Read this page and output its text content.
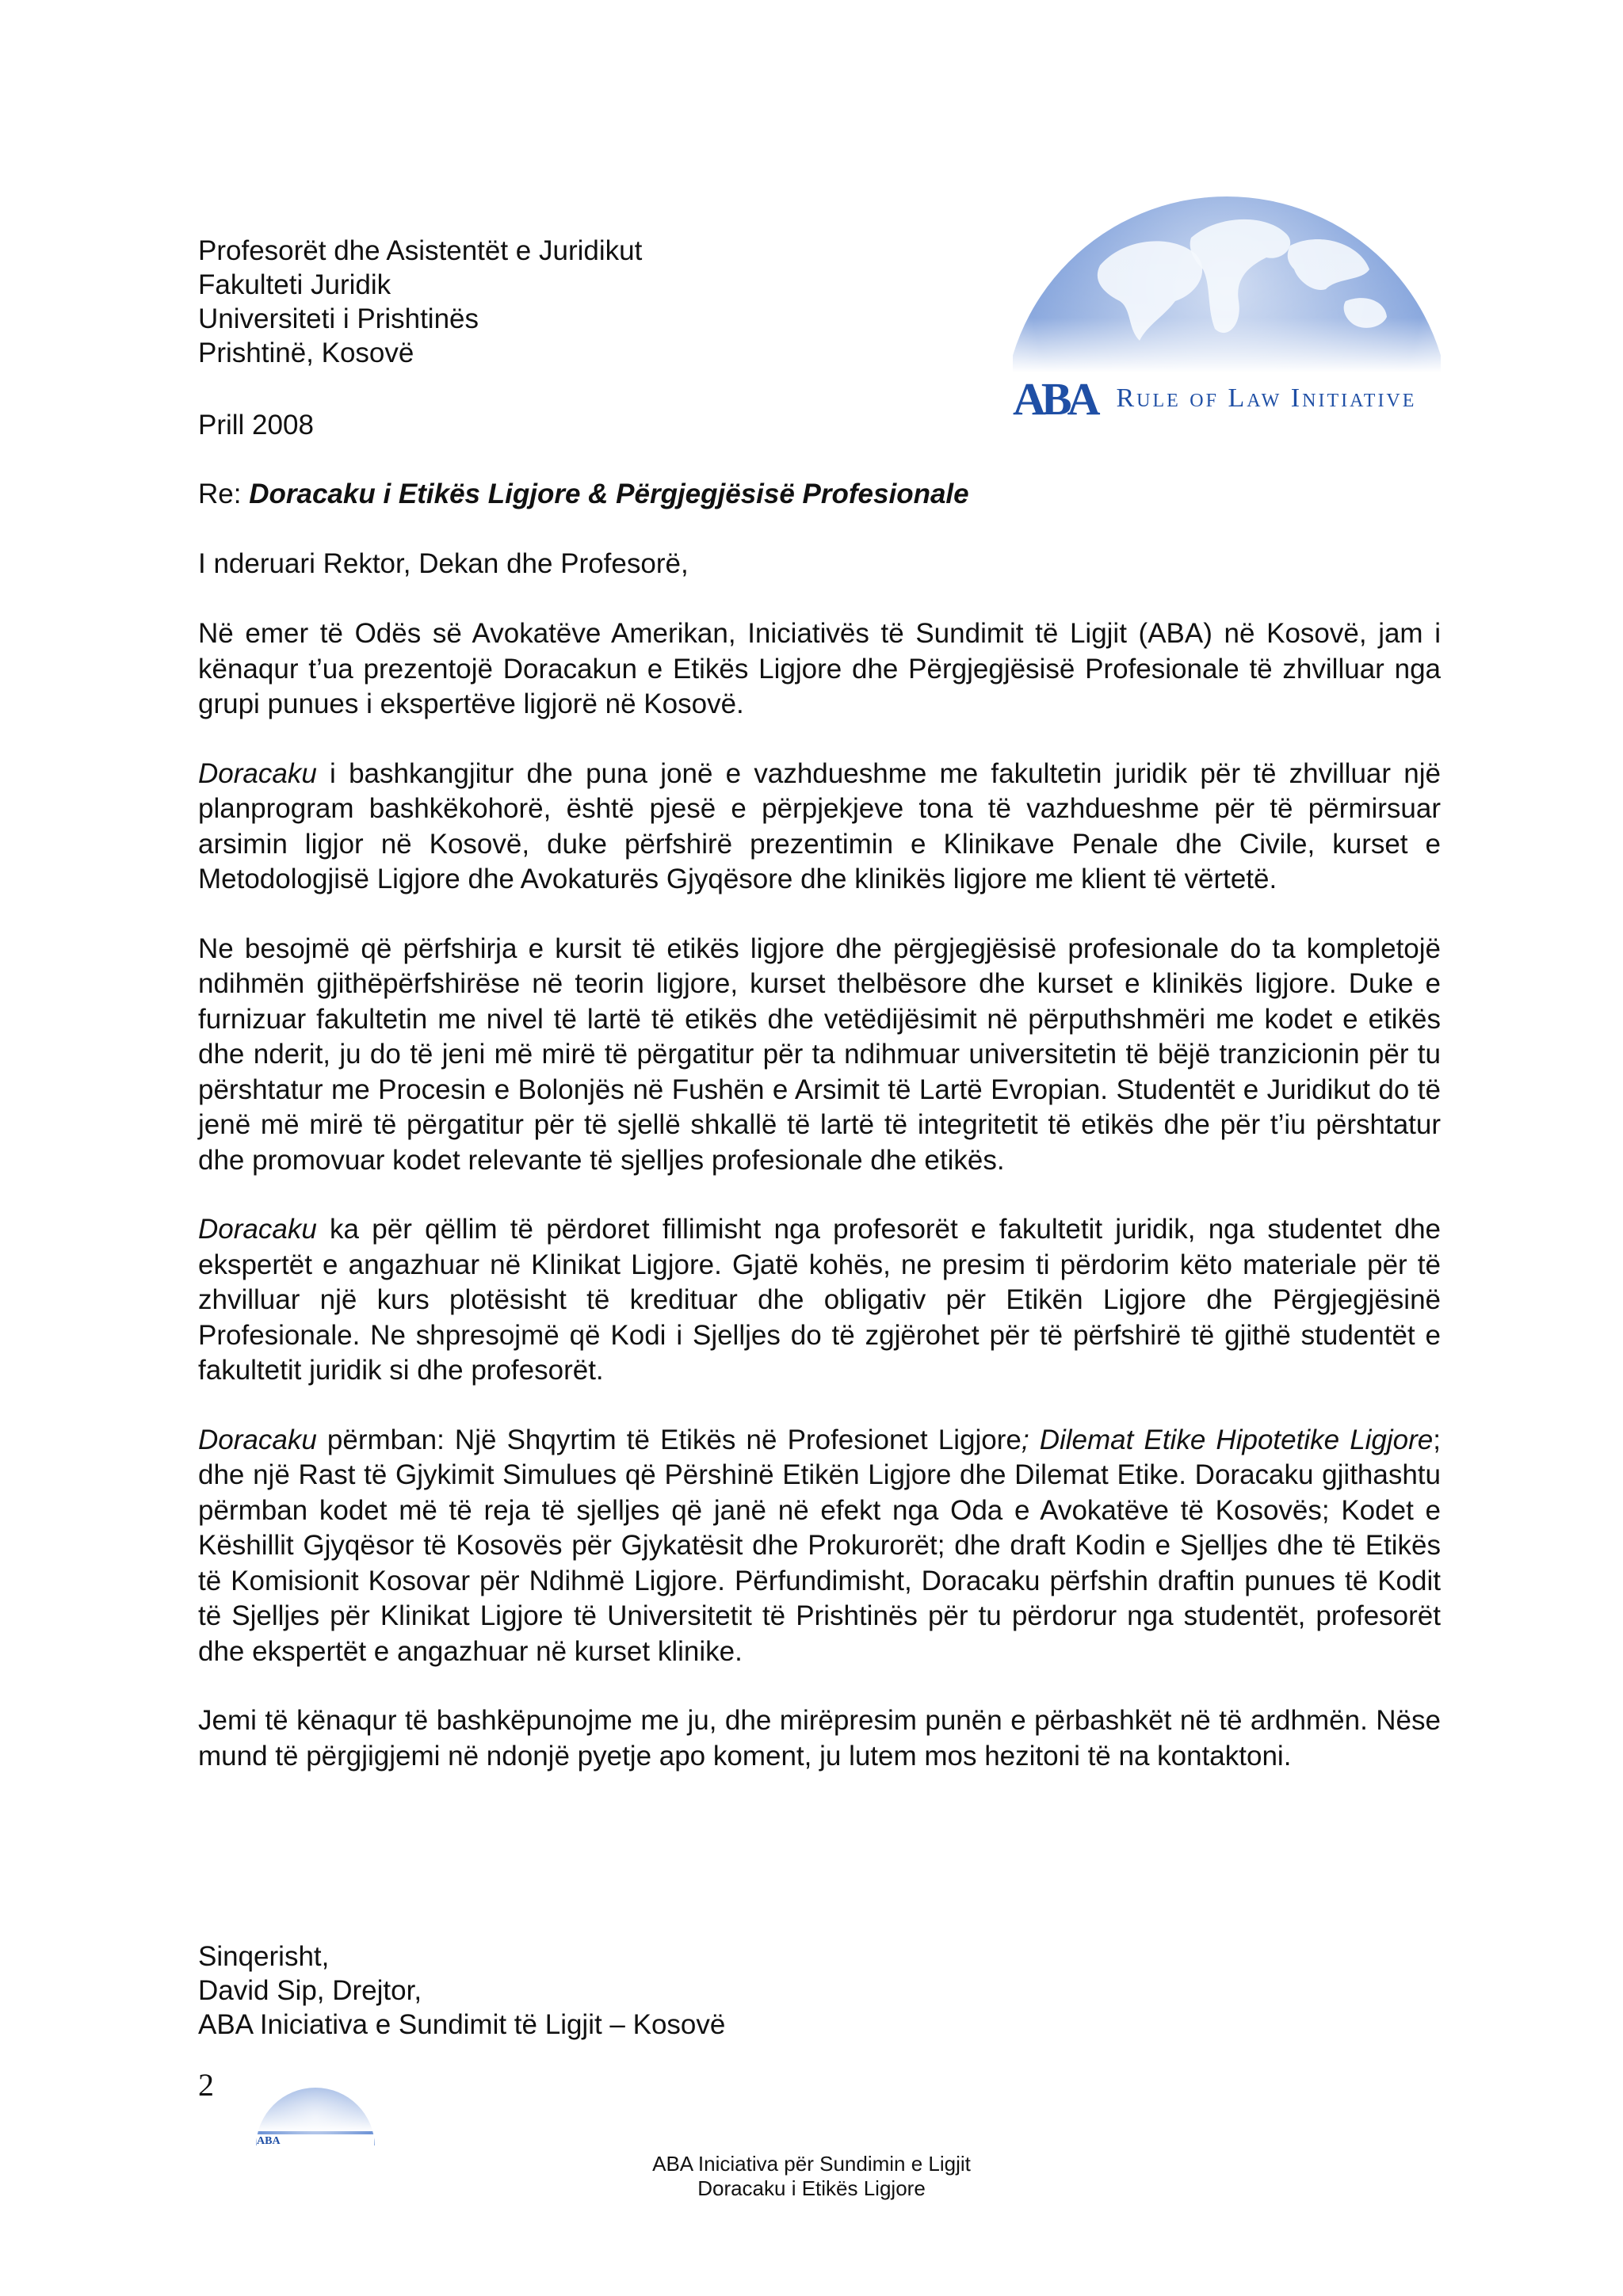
ABA Rule of Law Initiative
Profesorët dhe Asistentët e Juridikut
Fakulteti Juridik
Universiteti i Prishtinës
Prishtinë, Kosovë
Prill 2008
Re: Doracaku i Etikës Ligjore & Përgjegjësisë Profesionale
I nderuari Rektor, Dekan dhe Profesorë,

Në emer të Odës së Avokatëve Amerikan, Iniciativës të Sundimit të Ligjit (ABA) në Kosovë, jam i kënaqur t’ua prezentojë Doracakun e Etikës Ligjore dhe Përgjegjësisë Profesionale të zhvilluar nga grupi punues i ekspertëve ligjorë në Kosovë.

Doracaku i bashkangjitur dhe puna jonë e vazhdueshme me fakultetin juridik për të zhvilluar një planprogram bashkëkohorë, është pjesë e përpjekjeve tona të vazhdueshme për të përmirsuar arsimin ligjor në Kosovë, duke përfshirë prezentimin e Klinikave Penale dhe Civile, kurset e Metodologjisë Ligjore dhe Avokaturës Gjyqësore dhe klinikës ligjore me klient të vërtetë.

Ne besojmë që përfshirja e kursit të etikës ligjore dhe përgjegjësisë profesionale do ta kompletojë ndihmën gjithëpërfshirëse në teorin ligjore, kurset thelbësore dhe kurset e klinikës ligjore. Duke e furnizuar fakultetin me nivel të lartë të etikës dhe vetëdijësimit në përputhshmëri me kodet e etikës dhe nderit, ju do të jeni më mirë të përgatitur për ta ndihmuar universitetin të bëjë tranzicionin për tu përshtatur me Procesin e Bolonjës në Fushën e Arsimit të Lartë Evropian. Studentët e Juridikut do të jenë më mirë të përgatitur për të sjellë shkallë të lartë të integritetit të etikës dhe për t’iu përshtatur dhe promovuar kodet relevante të sjelljes profesionale dhe etikës.

Doracaku ka për qëllim të përdoret fillimisht nga profesorët e fakultetit juridik, nga studentet dhe ekspertët e angazhuar në Klinikat Ligjore. Gjatë kohës, ne presim ti përdorim këto materiale për të zhvilluar një kurs plotësisht të kredituar dhe obligativ për Etikën Ligjore dhe Përgjegjësinë Profesionale. Ne shpresojmë që Kodi i Sjelljes do të zgjërohet për të përfshirë të gjithë studentët e fakultetit juridik si dhe profesorët.

Doracaku përmban: Një Shqyrtim të Etikës në Profesionet Ligjore; Dilemat Etike Hipotetike Ligjore; dhe një Rast të Gjykimit Simulues që Përshinë Etikën Ligjore dhe Dilemat Etike. Doracaku gjithashtu përmban kodet më të reja të sjelljes që janë në efekt nga Oda e Avokatëve të Kosovës; Kodet e Këshillit Gjyqësor të Kosovës për Gjykatësit dhe Prokurorët; dhe draft Kodin e Sjelljes dhe të Etikës të Komisionit Kosovar për Ndihmë Ligjore. Përfundimisht, Doracaku përfshin draftin punues të Kodit të Sjelljes për Klinikat Ligjore të Universitetit të Prishtinës për tu përdorur nga studentët, profesorët dhe ekspertët e angazhuar në kurset klinike.

Jemi të kënaqur të bashkëpunojme me ju, dhe mirëpresim punën e përbashkët në të ardhmën. Nëse mund të përgjigjemi në ndonjë pyetje apo koment, ju lutem mos hezitoni të na kontaktoni.

Sinqerisht,
David Sip, Drejtor,
ABA Iniciativa e Sundimit të Ligjit – Kosovë
2
ABA
ABA Iniciativa për Sundimin e Ligjit
Doracaku i Etikës Ligjore
